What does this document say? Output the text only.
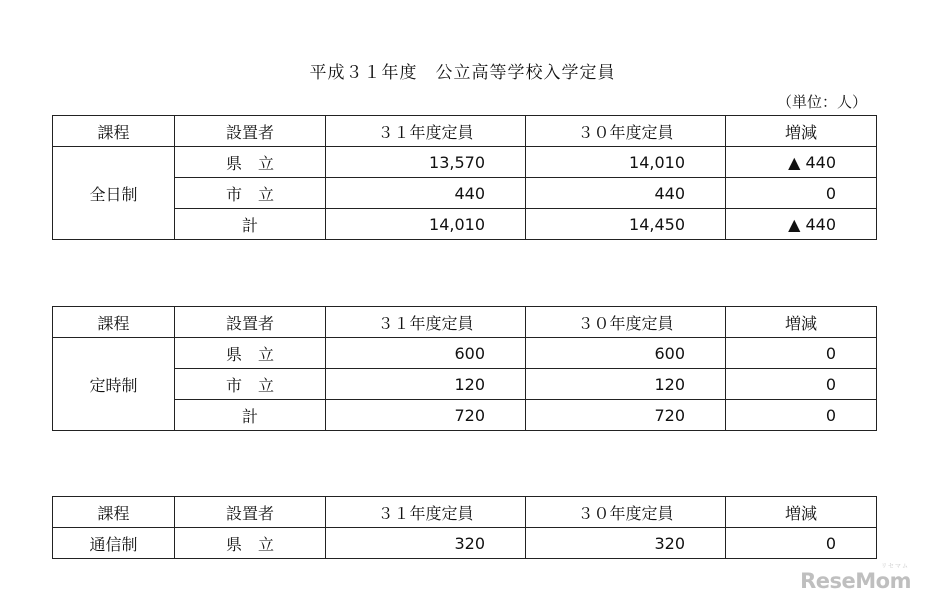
平成３１年度　公立高等学校入学定員
（単位：人）
課程	設置者	３１年度定員	３０年度定員	増減
全日制	県　立	13,570	14,010	▲ 440
	市　立	440	440	0
	計	14,010	14,450	▲ 440
課程	設置者	３１年度定員	３０年度定員	増減
定時制	県　立	600	600	0
	市　立	120	120	0
	計	720	720	0
課程	設置者	３１年度定員	３０年度定員	増減
通信制	県　立	320	320	0
リセマム
ReseMom
